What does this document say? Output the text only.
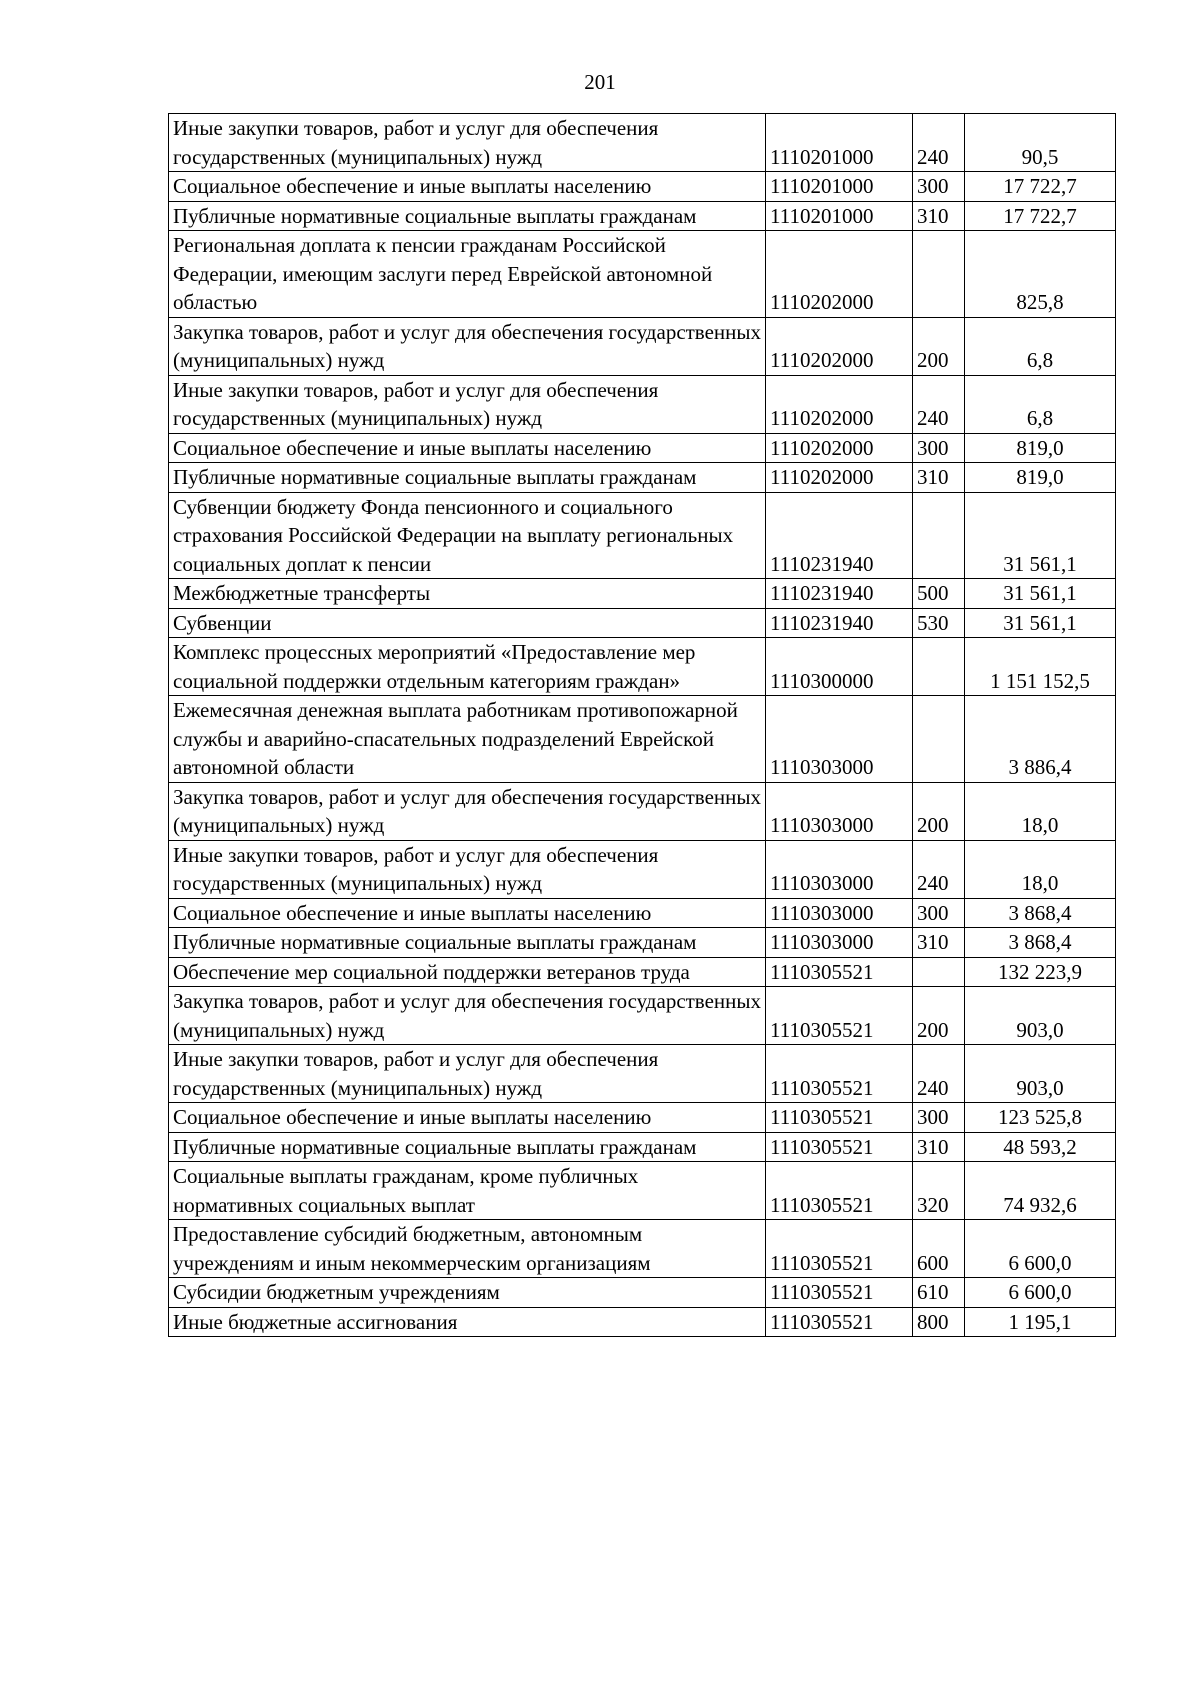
201
Иные закупки товаров, работ и услуг для обеспечения государственных (муниципальных) нужд	1110201000	240	90,5
Социальное обеспечение и иные выплаты населению	1110201000	300	17 722,7
Публичные нормативные социальные выплаты гражданам	1110201000	310	17 722,7
Региональная доплата к пенсии гражданам Российской Федерации, имеющим заслуги перед Еврейской автономной областью	1110202000		825,8
Закупка товаров, работ и услуг для обеспечения государственных (муниципальных) нужд	1110202000	200	6,8
Иные закупки товаров, работ и услуг для обеспечения государственных (муниципальных) нужд	1110202000	240	6,8
Социальное обеспечение и иные выплаты населению	1110202000	300	819,0
Публичные нормативные социальные выплаты гражданам	1110202000	310	819,0
Субвенции бюджету Фонда пенсионного и социального страхования Российской Федерации на выплату региональных социальных доплат к пенсии	1110231940		31 561,1
Межбюджетные трансферты	1110231940	500	31 561,1
Субвенции	1110231940	530	31 561,1
Комплекс процессных мероприятий «Предоставление мер социальной поддержки отдельным категориям граждан»	1110300000		1 151 152,5
Ежемесячная денежная выплата работникам противопожарной службы и аварийно-спасательных подразделений Еврейской автономной области	1110303000		3 886,4
Закупка товаров, работ и услуг для обеспечения государственных (муниципальных) нужд	1110303000	200	18,0
Иные закупки товаров, работ и услуг для обеспечения государственных (муниципальных) нужд	1110303000	240	18,0
Социальное обеспечение и иные выплаты населению	1110303000	300	3 868,4
Публичные нормативные социальные выплаты гражданам	1110303000	310	3 868,4
Обеспечение мер социальной поддержки ветеранов труда	1110305521		132 223,9
Закупка товаров, работ и услуг для обеспечения государственных (муниципальных) нужд	1110305521	200	903,0
Иные закупки товаров, работ и услуг для обеспечения государственных (муниципальных) нужд	1110305521	240	903,0
Социальное обеспечение и иные выплаты населению	1110305521	300	123 525,8
Публичные нормативные социальные выплаты гражданам	1110305521	310	48 593,2
Социальные выплаты гражданам, кроме публичных нормативных социальных выплат	1110305521	320	74 932,6
Предоставление субсидий бюджетным, автономным учреждениям и иным некоммерческим организациям	1110305521	600	6 600,0
Субсидии бюджетным учреждениям	1110305521	610	6 600,0
Иные бюджетные ассигнования	1110305521	800	1 195,1
